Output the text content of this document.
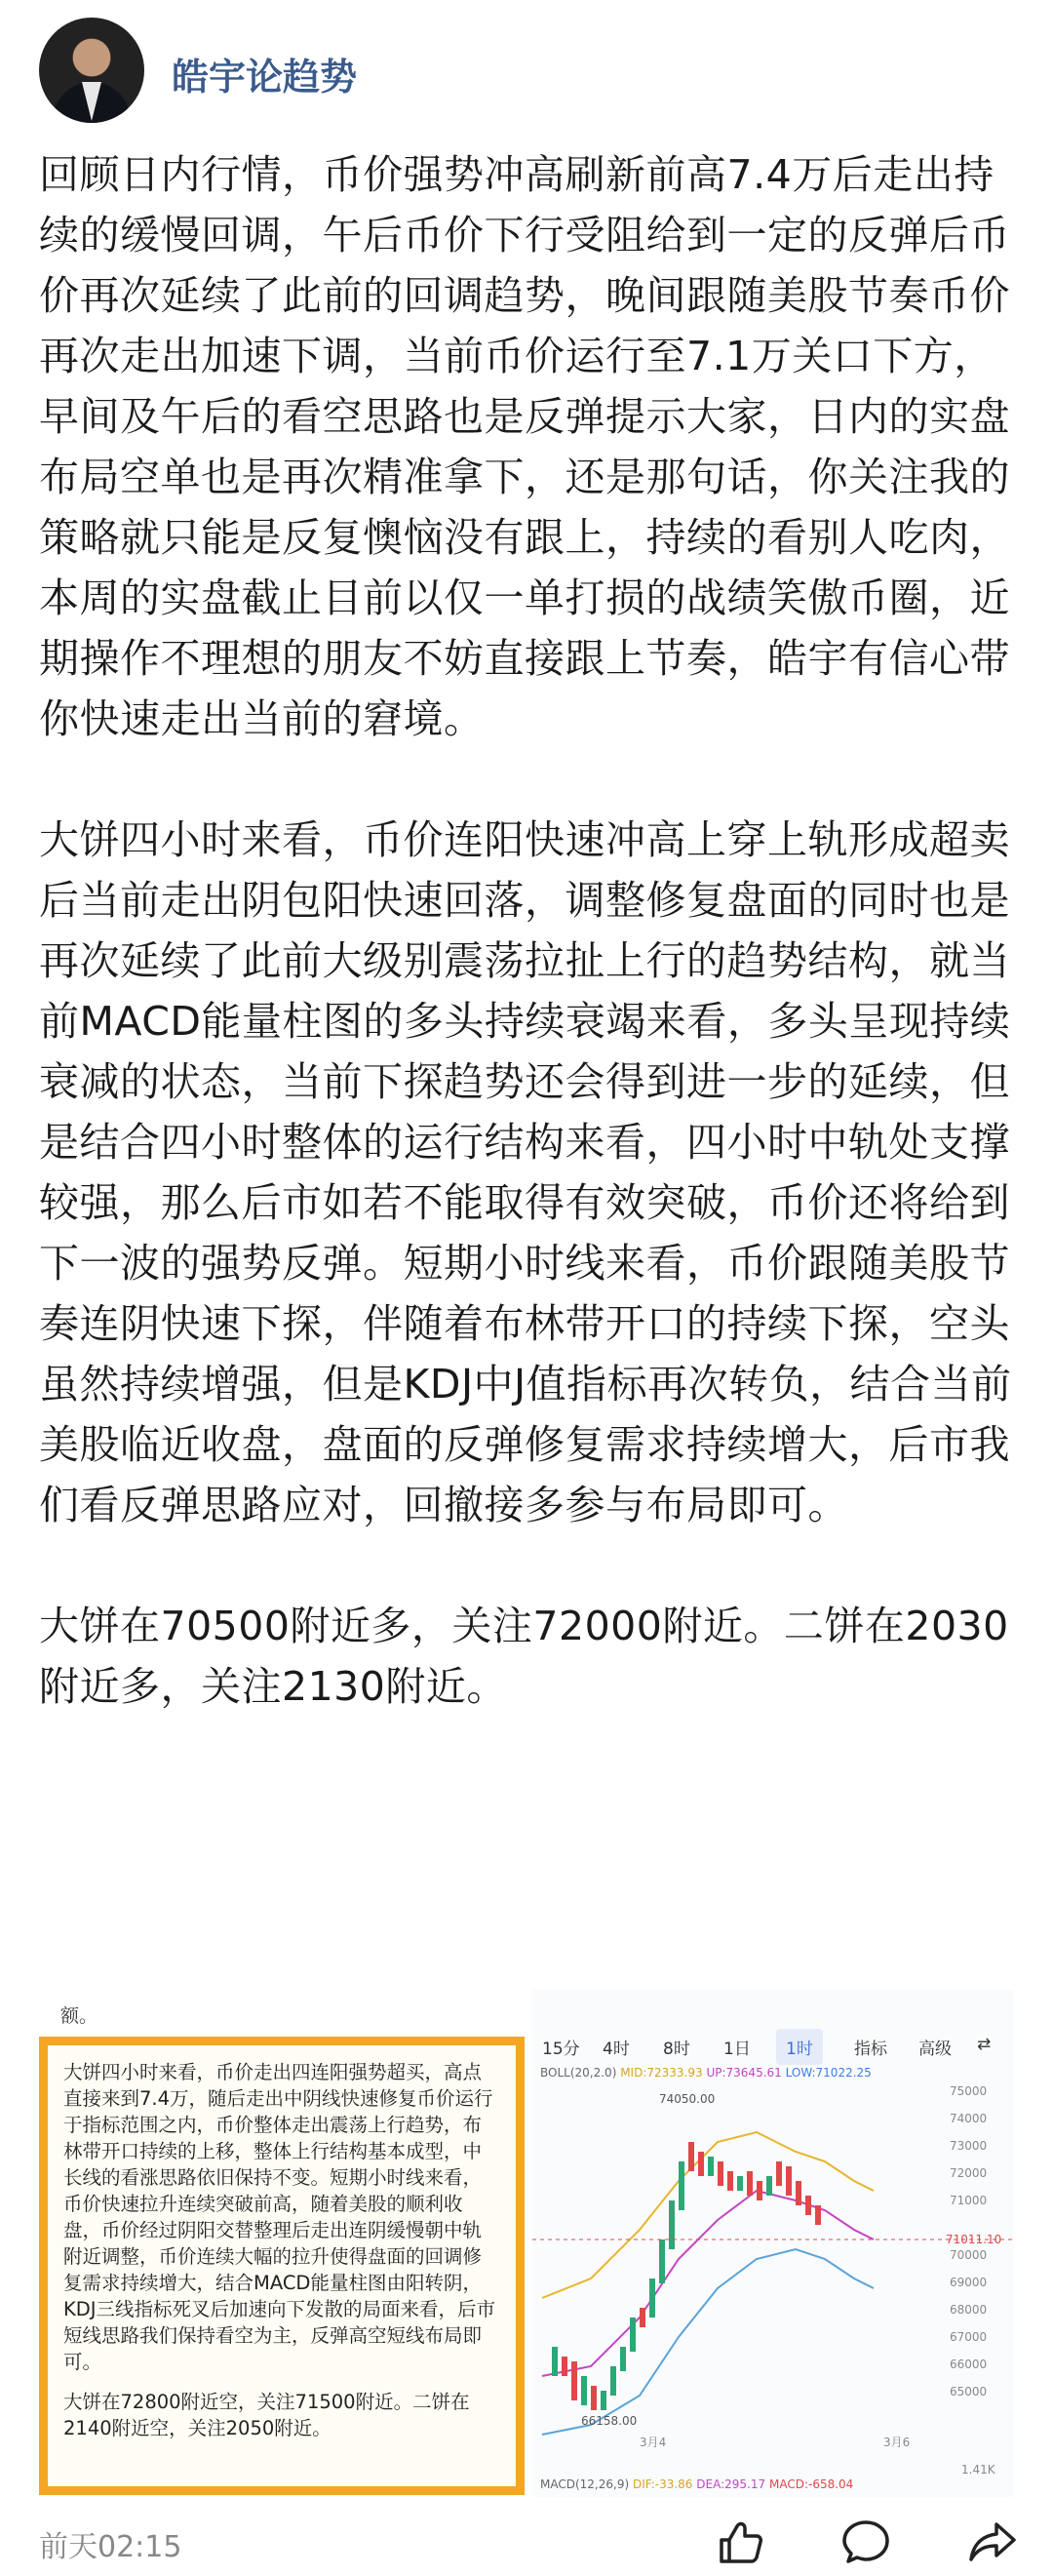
皓宇论趋势

回顾日内行情，币价强势冲高刷新前高7.4万后走出持续的缓慢回调，午后币价下行受阻给到一定的反弹后币价再次延续了此前的回调趋势，晚间跟随美股节奏币价再次走出加速下调，当前币价运行至7.1万关口下方，早间及午后的看空思路也是反弹提示大家，日内的实盘布局空单也是再次精准拿下，还是那句话，你关注我的策略就只能是反复懊恼没有跟上，持续的看别人吃肉，本周的实盘截止目前以仅一单打损的战绩笑傲币圈，近期操作不理想的朋友不妨直接跟上节奏，皓宇有信心带你快速走出当前的窘境。

大饼四小时来看，币价连阳快速冲高上穿上轨形成超卖后当前走出阴包阳快速回落，调整修复盘面的同时也是再次延续了此前大级别震荡拉扯上行的趋势结构，就当前MACD能量柱图的多头持续衰竭来看，多头呈现持续衰减的状态，当前下探趋势还会得到进一步的延续，但是结合四小时整体的运行结构来看，四小时中轨处支撑较强，那么后市如若不能取得有效突破，币价还将给到下一波的强势反弹。短期小时线来看，币价跟随美股节奏连阴快速下探，伴随着布林带开口的持续下探，空头虽然持续增强，但是KDJ中J值指标再次转负，结合当前美股临近收盘，盘面的反弹修复需求持续增大，后市我们看反弹思路应对，回撤接多参与布局即可。

大饼在70500附近多，关注72000附近。二饼在2030附近多，关注2130附近。

额。

大饼四小时来看，币价走出四连阳强势超买，高点直接来到7.4万，随后走出中阴线快速修复币价运行于指标范围之内，币价整体走出震荡上行趋势，布林带开口持续的上移，整体上行结构基本成型，中长线的看涨思路依旧保持不变。短期小时线来看，币价快速拉升连续突破前高，随着美股的顺利收盘，币价经过阴阳交替整理后走出连阴缓慢朝中轨附近调整，币价连续大幅的拉升使得盘面的回调修复需求持续增大，结合MACD能量柱图由阳转阴，KDJ三线指标死叉后加速向下发散的局面来看，后市短线思路我们保持看空为主，反弹高空短线布局即可。

大饼在72800附近空，关注71500附近。二饼在2140附近空，关注2050附近。

15分	4时	8时	1日	1时	指标	高级	⇄
BOLL(20,2.0) MID:72333.93 UP:73645.61 LOW:71022.25
74050.00
66158.00
71011.10
75000
74000
73000
72000
71000
70000
69000
68000
67000
66000
65000
3月4	3月6
1.41K
MACD(12,26,9) DIF:-33.86 DEA:295.17 MACD:-658.04
前天02:15
